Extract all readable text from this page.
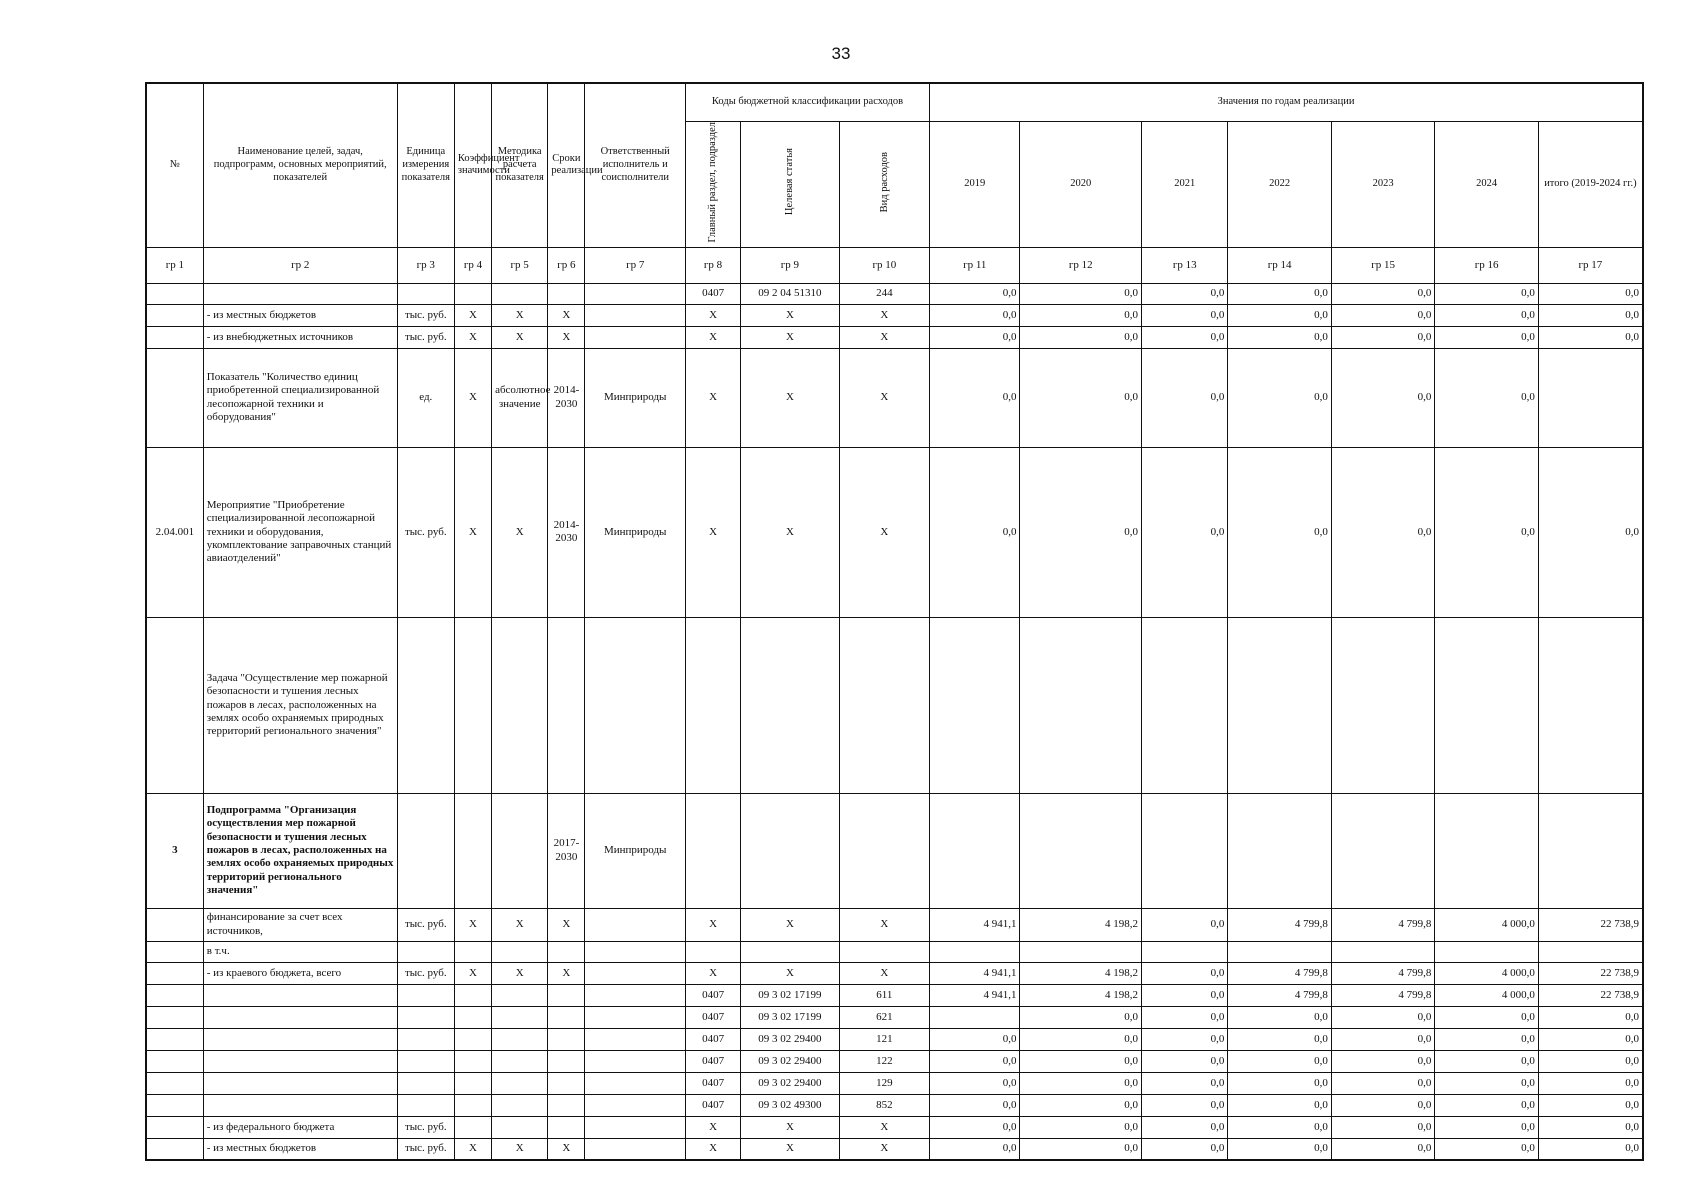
33
№	Наименование целей, задач, подпрограмм, основных мероприятий, показателей	Единица измерения показателя	Коэффициент значимости	Методика расчета показателя	Сроки реализации	Ответственный исполнитель и соисполнители	Коды бюджетной классификации расходов			Значения по годам реализации						
							Главный раздел, подраздел	Целевая статья	Вид расходов	2019	2020	2021	2022	2023	2024	итого (2019-2024 гг.)
гр 1	гр 2	гр 3	гр 4	гр 5	гр 6	гр 7	гр 8	гр 9	гр 10	гр 11	гр 12	гр 13	гр 14	гр 15	гр 16	гр 17
							0407	09 2 04 51310	244	0,0	0,0	0,0	0,0	0,0	0,0	0,0
	- из местных бюджетов	тыс. руб.	Х	Х	Х		Х	Х	Х	0,0	0,0	0,0	0,0	0,0	0,0	0,0
	- из внебюджетных источников	тыс. руб.	Х	Х	Х		Х	Х	Х	0,0	0,0	0,0	0,0	0,0	0,0	0,0
	Показатель "Количество единиц приобретенной специализированной лесопожарной техники и оборудования"	ед.	Х	абсолютное значение	2014-2030	Минприроды	Х	Х	Х	0,0	0,0	0,0	0,0	0,0	0,0	
2.04.001	Мероприятие "Приобретение специализированной лесопожарной техники и оборудования, укомплектование заправочных станций авиаотделений"	тыс. руб.	Х	Х	2014-2030	Минприроды	Х	Х	Х	0,0	0,0	0,0	0,0	0,0	0,0	0,0
	Задача "Осуществление мер пожарной безопасности и тушения лесных пожаров в лесах, расположенных на землях особо охраняемых природных территорий регионального значения"															
3	Подпрограмма "Организация осуществления мер пожарной безопасности и тушения лесных пожаров в лесах, расположенных на землях особо охраняемых природных территорий регионального значения"				2017-2030	Минприроды										
	финансирование за счет всех источников,	тыс. руб.	Х	Х	Х		Х	Х	Х	4 941,1	4 198,2	0,0	4 799,8	4 799,8	4 000,0	22 738,9
	в т.ч.															
	- из краевого бюджета, всего	тыс. руб.	Х	Х	Х		Х	Х	Х	4 941,1	4 198,2	0,0	4 799,8	4 799,8	4 000,0	22 738,9
							0407	09 3 02 17199	611	4 941,1	4 198,2	0,0	4 799,8	4 799,8	4 000,0	22 738,9
							0407	09 3 02 17199	621		0,0	0,0	0,0	0,0	0,0	0,0
							0407	09 3 02 29400	121	0,0	0,0	0,0	0,0	0,0	0,0	0,0
							0407	09 3 02 29400	122	0,0	0,0	0,0	0,0	0,0	0,0	0,0
							0407	09 3 02 29400	129	0,0	0,0	0,0	0,0	0,0	0,0	0,0
							0407	09 3 02 49300	852	0,0	0,0	0,0	0,0	0,0	0,0	0,0
	- из федерального бюджета	тыс. руб.					Х	Х	Х	0,0	0,0	0,0	0,0	0,0	0,0	0,0
	- из местных бюджетов	тыс. руб.	Х	Х	Х		Х	Х	Х	0,0	0,0	0,0	0,0	0,0	0,0	0,0
